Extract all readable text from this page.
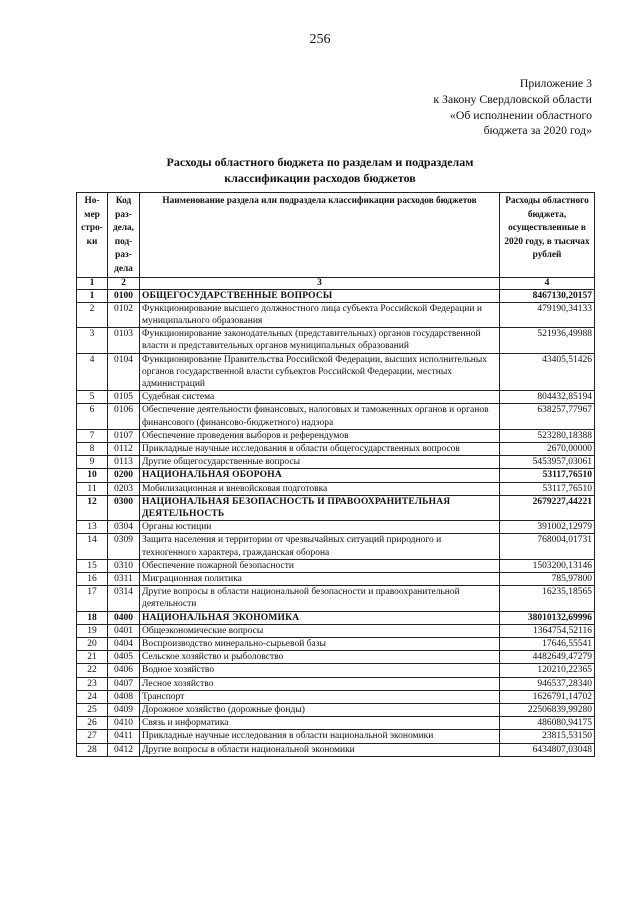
256
Приложение 3
к Закону Свердловской области
«Об исполнении областного
бюджета за 2020 год»
Расходы областного бюджета по разделам и подразделам
классификации расходов бюджетов
Но-мер стро-ки	Код раз-дела, под-раз-дела	Наименование раздела или подраздела классификации расходов бюджетов	Расходы областного бюджета, осуществленные в 2020 году, в тысячах рублей
1	2	3	4
1	0100	ОБЩЕГОСУДАРСТВЕННЫЕ ВОПРОСЫ	8467130,20157
2	0102	Функционирование высшего должностного лица субъекта Российской Федерации и муниципального образования	479190,34133
3	0103	Функционирование законодательных (представительных) органов государственной власти и представительных органов муниципальных образований	521936,49988
4	0104	Функционирование Правительства Российской Федерации, высших исполнительных органов государственной власти субъектов Российской Федерации, местных администраций	43405,51426
5	0105	Судебная система	804432,85194
6	0106	Обеспечение деятельности финансовых, налоговых и таможенных органов и органов финансового (финансово-бюджетного) надзора	638257,77967
7	0107	Обеспечение проведения выборов и референдумов	523280,18388
8	0112	Прикладные научные исследования в области общегосударственных вопросов	2670,00000
9	0113	Другие общегосударственные вопросы	5453957,03061
10	0200	НАЦИОНАЛЬНАЯ ОБОРОНА	53117,76510
11	0203	Мобилизационная и вневойсковая подготовка	53117,76510
12	0300	НАЦИОНАЛЬНАЯ БЕЗОПАСНОСТЬ И ПРАВООХРАНИТЕЛЬНАЯ ДЕЯТЕЛЬНОСТЬ	2679227,44221
13	0304	Органы юстиции	391002,12979
14	0309	Защита населения и территории от чрезвычайных ситуаций природного и техногенного характера, гражданская оборона	768004,01731
15	0310	Обеспечение пожарной безопасности	1503200,13146
16	0311	Миграционная политика	785,97800
17	0314	Другие вопросы в области национальной безопасности и правоохранительной деятельности	16235,18565
18	0400	НАЦИОНАЛЬНАЯ ЭКОНОМИКА	38010132,69996
19	0401	Общеэкономические вопросы	1364754,52116
20	0404	Воспроизводство минерально-сырьевой базы	17646,55541
21	0405	Сельское хозяйство и рыболовство	4482649,47279
22	0406	Водное хозяйство	120210,22365
23	0407	Лесное хозяйство	946537,28340
24	0408	Транспорт	1626791,14702
25	0409	Дорожное хозяйство (дорожные фонды)	22506839,99280
26	0410	Связь и информатика	486080,94175
27	0411	Прикладные научные исследования в области национальной экономики	23815,53150
28	0412	Другие вопросы в области национальной экономики	6434807,03048
